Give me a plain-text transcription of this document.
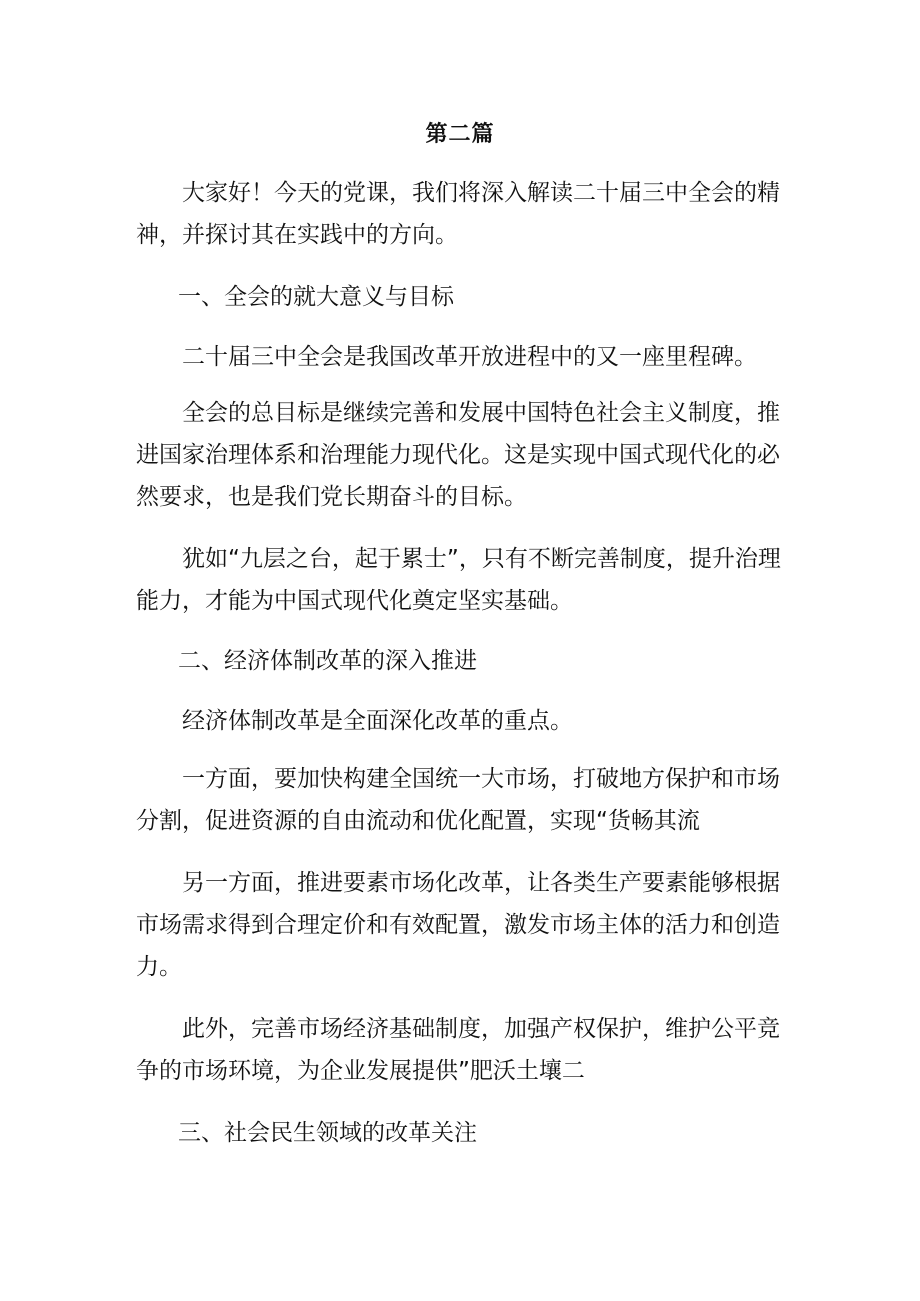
第二篇

大家好！今天的党课，我们将深入解读二十届三中全会的精神，并探讨其在实践中的方向。

一、全会的就大意义与目标

二十届三中全会是我国改革开放进程中的又一座里程碑。

全会的总目标是继续完善和发展中国特色社会主义制度，推进国家治理体系和治理能力现代化。这是实现中国式现代化的必然要求，也是我们党长期奋斗的目标。

犹如“九层之台，起于累士”，只有不断完善制度，提升治理能力，才能为中国式现代化奠定坚实基础。

二、经济体制改革的深入推进

经济体制改革是全面深化改革的重点。

一方面，要加快构建全国统一大市场，打破地方保护和市场分割，促进资源的自由流动和优化配置，实现“货畅其流

另一方面，推进要素市场化改革，让各类生产要素能够根据市场需求得到合理定价和有效配置，激发市场主体的活力和创造力。

此外，完善市场经济基础制度，加强产权保护，维护公平竞争的市场环境，为企业发展提供”肥沃土壤二

三、社会民生领域的改革关注
